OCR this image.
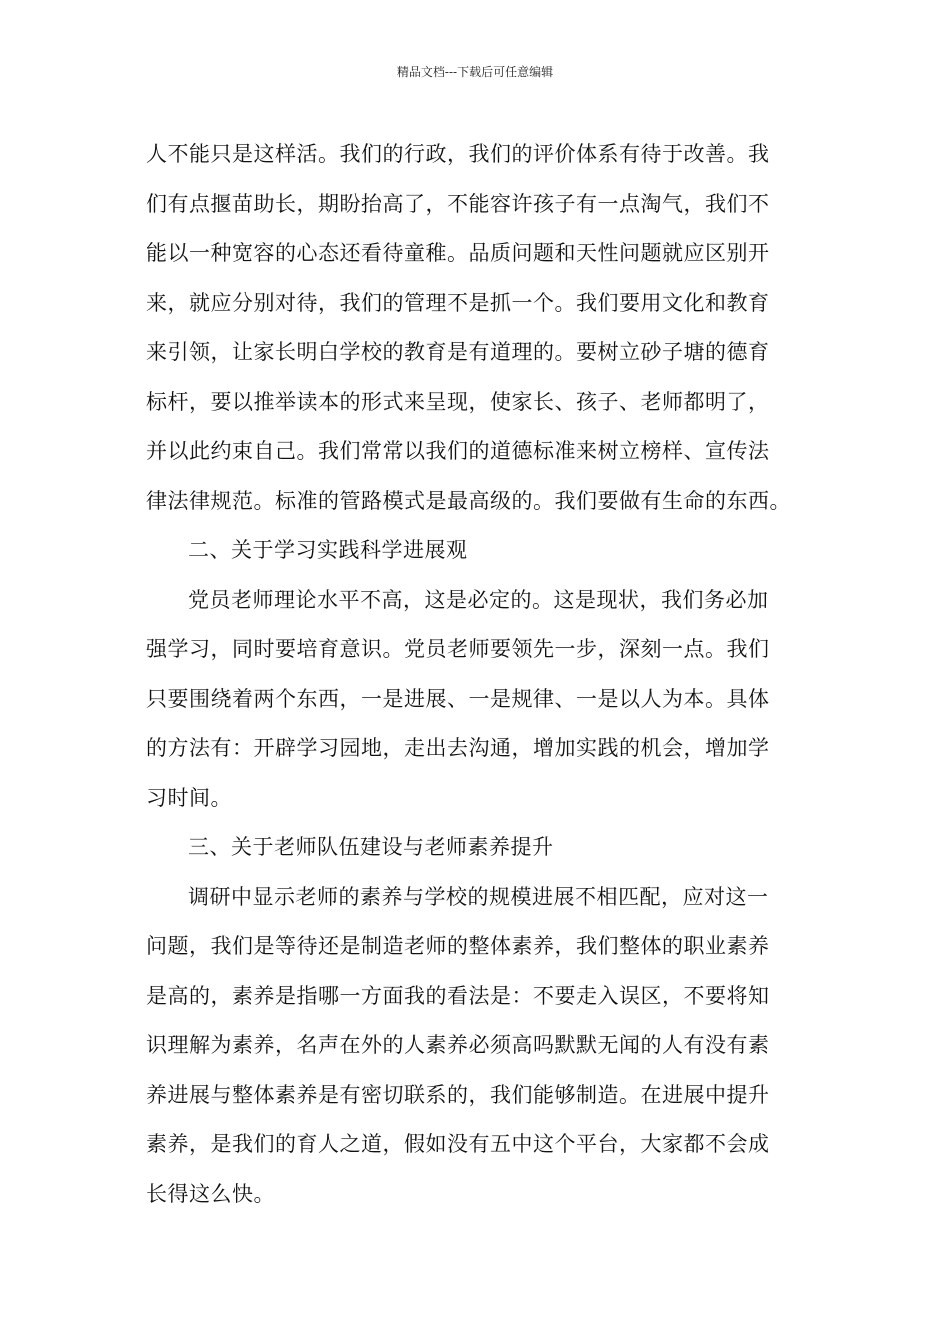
精品文档---下载后可任意编辑
人不能只是这样活。我们的行政，我们的评价体系有待于改善。我
们有点揠苗助长，期盼抬高了，不能容许孩子有一点淘气，我们不
能以一种宽容的心态还看待童稚。品质问题和天性问题就应区别开
来，就应分别对待，我们的管理不是抓一个。我们要用文化和教育
来引领，让家长明白学校的教育是有道理的。要树立砂子塘的德育
标杆，要以推举读本的形式来呈现，使家长、孩子、老师都明了，
并以此约束自己。我们常常以我们的道德标准来树立榜样、宣传法
律法律规范。标准的管路模式是最高级的。我们要做有生命的东西。
二、关于学习实践科学进展观
党员老师理论水平不高，这是必定的。这是现状，我们务必加
强学习，同时要培育意识。党员老师要领先一步，深刻一点。我们
只要围绕着两个东西，一是进展、一是规律、一是以人为本。具体
的方法有：开辟学习园地，走出去沟通，增加实践的机会，增加学
习时间。
三、关于老师队伍建设与老师素养提升
调研中显示老师的素养与学校的规模进展不相匹配，应对这一
问题，我们是等待还是制造老师的整体素养，我们整体的职业素养
是高的，素养是指哪一方面我的看法是：不要走入误区，不要将知
识理解为素养，名声在外的人素养必须高吗默默无闻的人有没有素
养进展与整体素养是有密切联系的，我们能够制造。在进展中提升
素养，是我们的育人之道，假如没有五中这个平台，大家都不会成
长得这么快。
